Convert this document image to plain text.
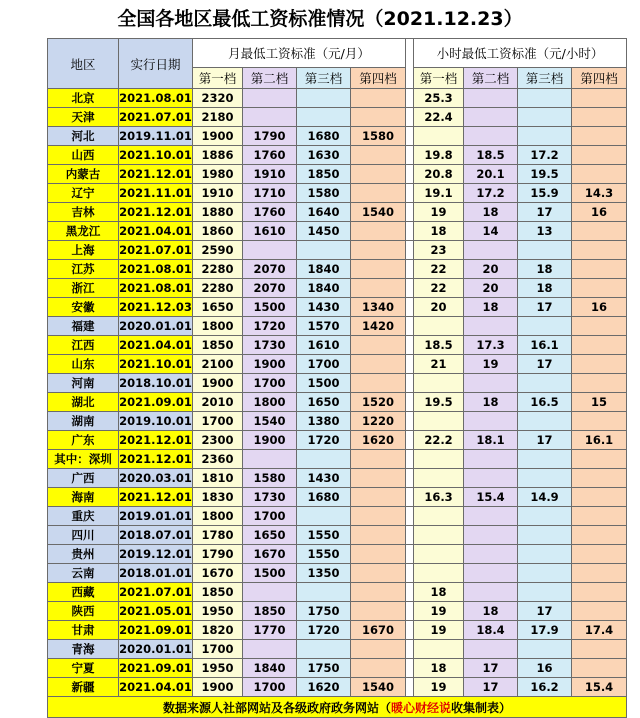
全国各地区最低工资标准情况（2021.12.23）
地区	实行日期	月最低工资标准（元/月）					小时最低工资标准（元/小时）			
		第一档	第二档	第三档	第四档		第一档	第二档	第三档	第四档
北京	2021.08.01	2320					25.3			
天津	2021.07.01	2180					22.4			
河北	2019.11.01	1900	1790	1680	1580					
山西	2021.10.01	1886	1760	1630			19.8	18.5	17.2	
内蒙古	2021.12.01	1980	1910	1850			20.8	20.1	19.5	
辽宁	2021.11.01	1910	1710	1580			19.1	17.2	15.9	14.3
吉林	2021.12.01	1880	1760	1640	1540		19	18	17	16
黑龙江	2021.04.01	1860	1610	1450			18	14	13	
上海	2021.07.01	2590					23			
江苏	2021.08.01	2280	2070	1840			22	20	18	
浙江	2021.08.01	2280	2070	1840			22	20	18	
安徽	2021.12.03	1650	1500	1430	1340		20	18	17	16
福建	2020.01.01	1800	1720	1570	1420					
江西	2021.04.01	1850	1730	1610			18.5	17.3	16.1	
山东	2021.10.01	2100	1900	1700			21	19	17	
河南	2018.10.01	1900	1700	1500						
湖北	2021.09.01	2010	1800	1650	1520		19.5	18	16.5	15
湖南	2019.10.01	1700	1540	1380	1220					
广东	2021.12.01	2300	1900	1720	1620		22.2	18.1	17	16.1
其中：深圳	2021.12.01	2360								
广西	2020.03.01	1810	1580	1430						
海南	2021.12.01	1830	1730	1680			16.3	15.4	14.9	
重庆	2019.01.01	1800	1700							
四川	2018.07.01	1780	1650	1550						
贵州	2019.12.01	1790	1670	1550						
云南	2018.01.01	1670	1500	1350						
西藏	2021.07.01	1850					18			
陕西	2021.05.01	1950	1850	1750			19	18	17	
甘肃	2021.09.01	1820	1770	1720	1670		19	18.4	17.9	17.4
青海	2020.01.01	1700								
宁夏	2021.09.01	1950	1840	1750			18	17	16	
新疆	2021.04.01	1900	1700	1620	1540		19	17	16.2	15.4
数据来源人社部网站及各级政府政务网站（暖心财经说收集制表）										
